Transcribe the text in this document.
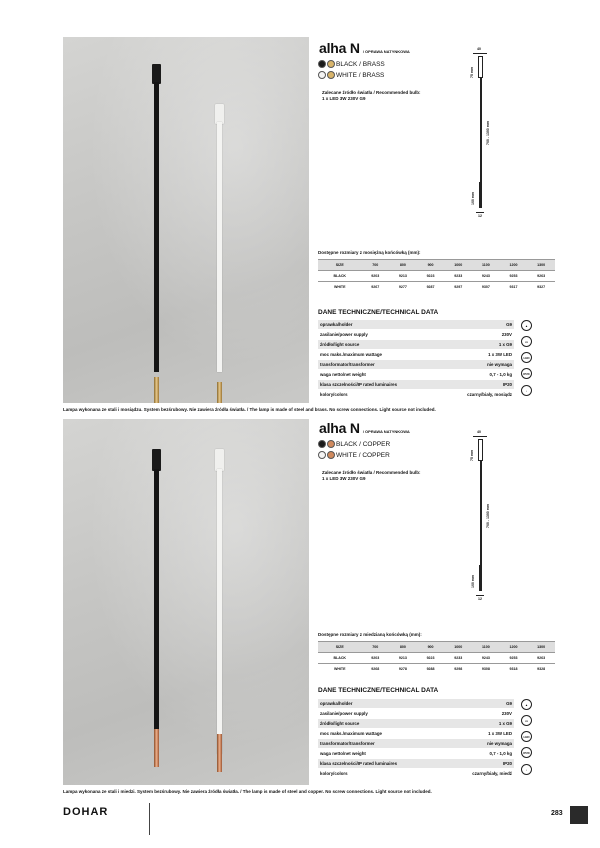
alha N / OPRAWA NATYNKOWA
BLACK / BRASS
WHITE / BRASS
Zalecane źródło światła / Recommended bulb:
1 x LED 3W 230V G9
40
12
75 mm
700 - 1300 mm
100 mm
Dostępne rozmiary z mosiężną końcówką (mm):
SIZE	700	800	900	1000	1100	1200	1300
BLACK	9203	9213	9223	9233	9243	9253	9263
WHITE	9267	9277	9287	9297	9307	9317	9327
DANE TECHNICZNE/TECHNICAL DATA
oprawka/holder	G9
zasilanie/power supply	230V
źródło/light source	1 x G9
moc maks./maximum wattage	1 x 3W LED
transformator/transformer	nie wymaga
waga netto/net weight	0,7 - 1,0 kg
klasa szczelności/IP rated luminaires	IP20
kolory/colors	czarny/biały, mosiądz
▲
▭
LED
IP20
↓
Lampa wykonana ze stali i mosiądzu. System bezśrubowy. Nie zawiera źródła światła. / The lamp is made of steel and brass. No screw connections. Light source not included.
alha N / OPRAWA NATYNKOWA
BLACK / COPPER
WHITE / COPPER
Zalecane źródło światła / Recommended bulb:
1 x LED 3W 230V G9
40
12
75 mm
700 - 1300 mm
100 mm
Dostępne rozmiary z miedzianą końcówką (mm):
SIZE	700	800	900	1000	1100	1200	1300
BLACK	9203	9213	9223	9233	9243	9253	9263
WHITE	9268	9278	9288	9298	9308	9318	9328
DANE TECHNICZNE/TECHNICAL DATA
oprawka/holder	G9
zasilanie/power supply	230V
źródło/light source	1 x G9
moc maks./maximum wattage	1 x 3W LED
transformator/transformer	nie wymaga
waga netto/net weight	0,7 - 1,0 kg
klasa szczelności/IP rated luminaires	IP20
kolory/colors	czarny/biały, miedź
▲
▭
LED
IP20
↓
Lampa wykonana ze stali i miedzi. System bezśrubowy. Nie zawiera źródła światła. / The lamp is made of steel and copper. No screw connections. Light source not included.
DOHAR	283
